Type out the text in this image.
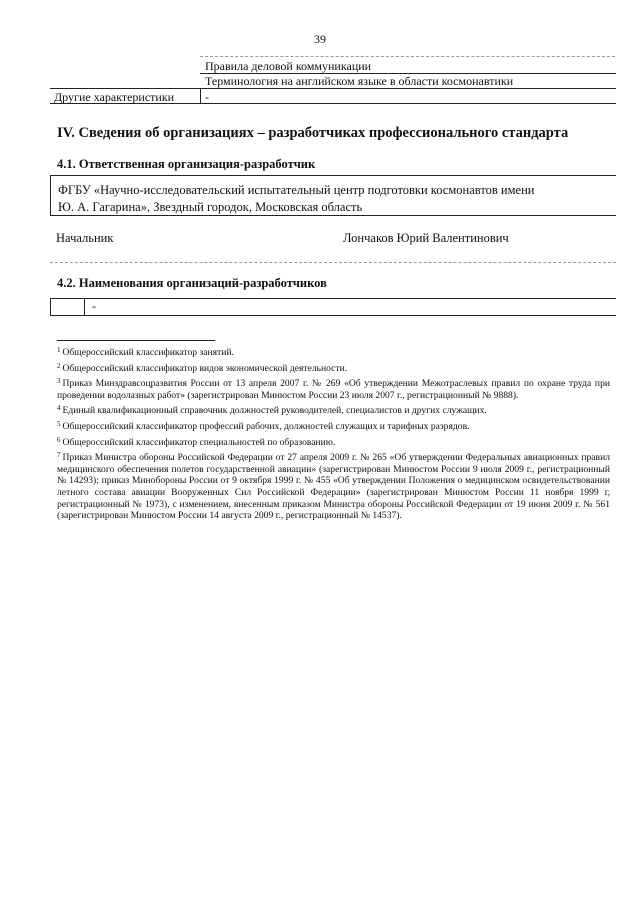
39
Правила деловой коммуникации
Терминология на английском языке в области космонавтики
Другие характеристики	-
IV. Сведения об организациях – разработчиках профессионального стандарта
4.1. Ответственная организация-разработчик
ФГБУ «Научно-исследовательский испытательный центр подготовки космонавтов имени
Ю. А. Гагарина», Звездный городок, Московская область
Начальник	Лончаков Юрий Валентинович
4.2. Наименования организаций-разработчиков
-

$^1$ Общероссийский классификатор занятий.

$^2$ Общероссийский классификатор видов экономической деятельности.

$^3$ Приказ Минздравсоцразвития России от 13 апреля 2007 г. № 269 «Об утверждении Межотраслевых правил по охране труда при проведении водолазных работ» (зарегистрирован Минюстом России 23 июля 2007 г., регистрационный № 9888).

$^4$ Единый квалификационный справочник должностей руководителей, специалистов и других служащих.

$^5$ Общероссийский классификатор профессий рабочих, должностей служащих и тарифных разрядов.

$^6$ Общероссийский классификатор специальностей по образованию.

$^7$ Приказ Министра обороны Российской Федерации от 27 апреля 2009 г. № 265 «Об утверждении Федеральных авиационных правил медицинского обеспечения полетов государственной авиации» (зарегистрирован Минюстом России 9 июля 2009 г., регистрационный № 14293); приказ Минобороны России от 9 октября 1999 г. № 455 «Об утверждении Положения о медицинском освидетельствовании летного состава авиации Вооруженных Сил Российской Федерации» (зарегистрирован Минюстом России 11 ноября 1999 г, регистрационный № 1973), с изменением, внесенным приказом Министра обороны Российской Федерации от 19 июня 2009 г. № 561 (зарегистрирован Минюстом России 14 августа 2009 г., регистрационный № 14537).
